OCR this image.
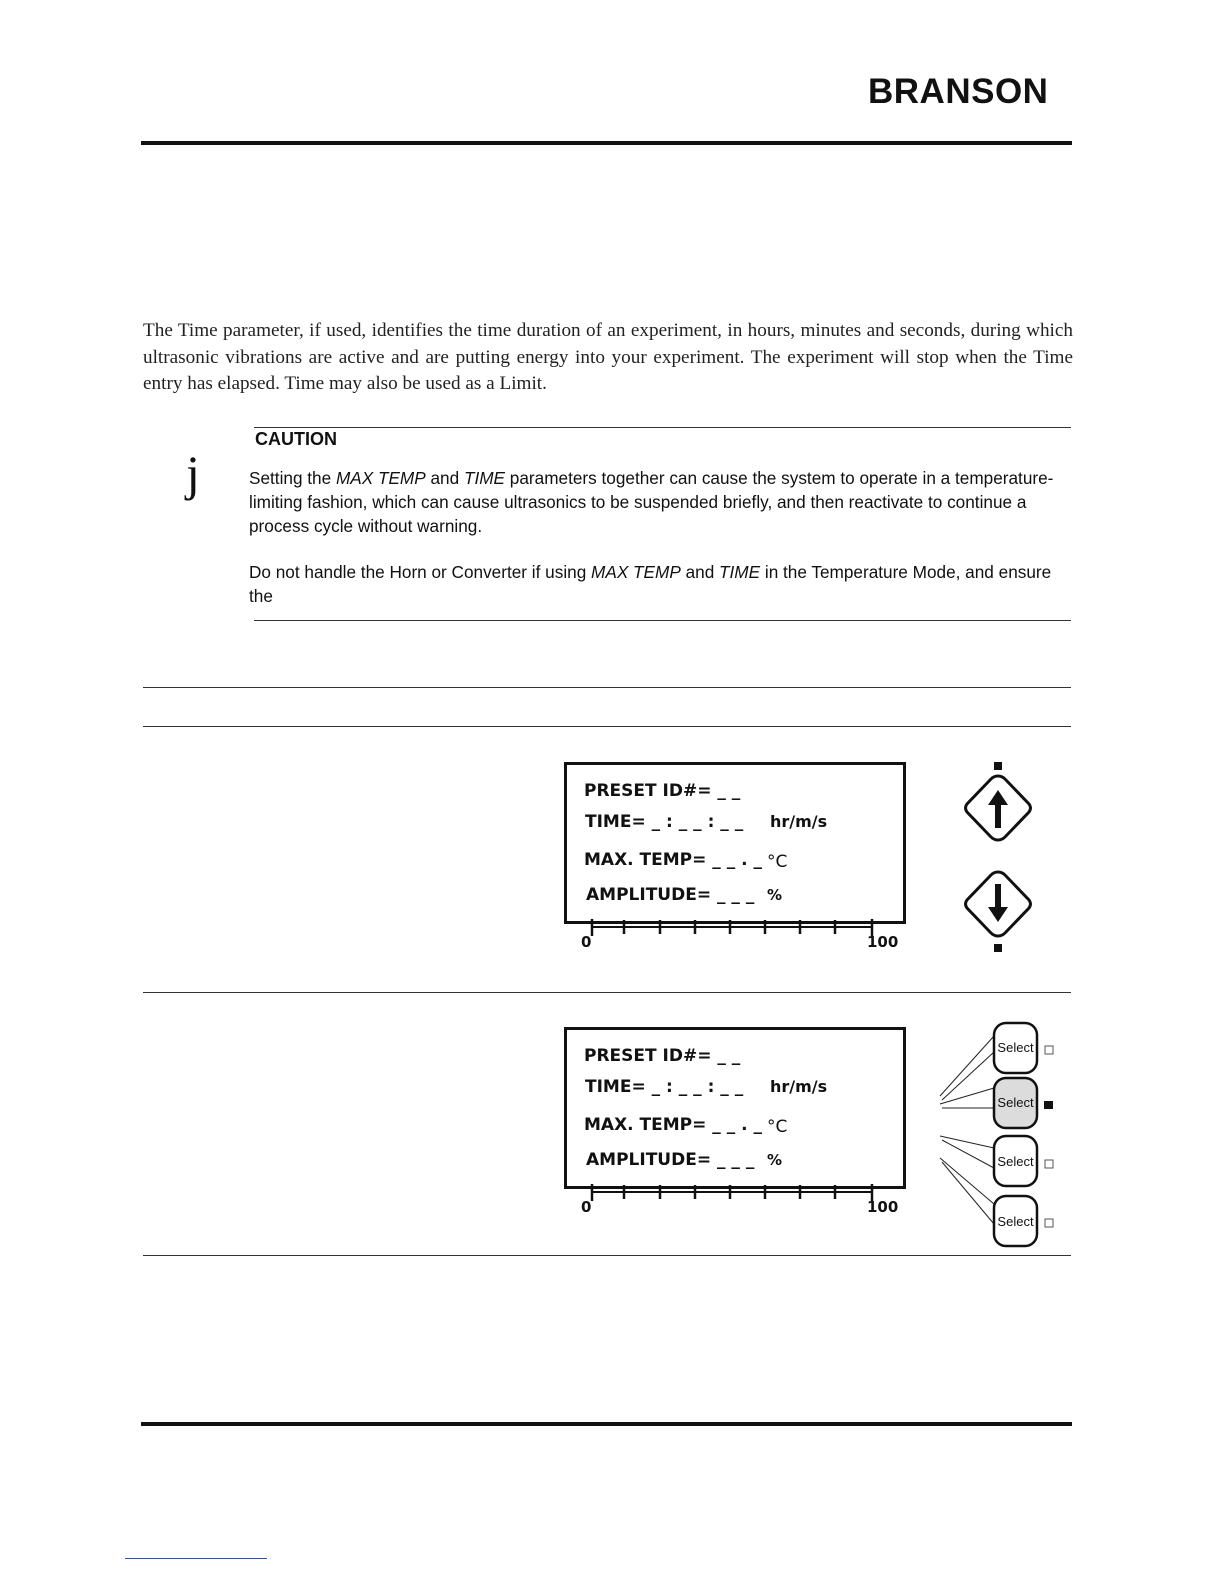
BRANSON
The Time parameter, if used, identifies the time duration of an experiment, in hours, minutes and seconds, during which ultrasonic vibrations are active and are putting energy into your experiment. The experiment will stop when the Time entry has elapsed. Time may also be used as a Limit.
CAUTION
j	Setting the MAX TEMP and TIME parameters together can cause the system to operate in a temperature-limiting fashion, which can cause ultrasonics to be suspended briefly, and then reactivate to continue a process cycle without warning.

Do not handle the Horn or Converter if using MAX TEMP and TIME in the Temperature Mode, and ensure the

PRESET ID#= _ _
TIME= _ : _ _ : _ _ hr/m/s
MAX. TEMP= _ _ . _ °C
AMPLITUDE= _ _ _ %
0	100
PRESET ID#= _ _
TIME= _ : _ _ : _ _ hr/m/s
MAX. TEMP= _ _ . _ °C
AMPLITUDE= _ _ _ %
0	100
Select
Select
Select
Select
